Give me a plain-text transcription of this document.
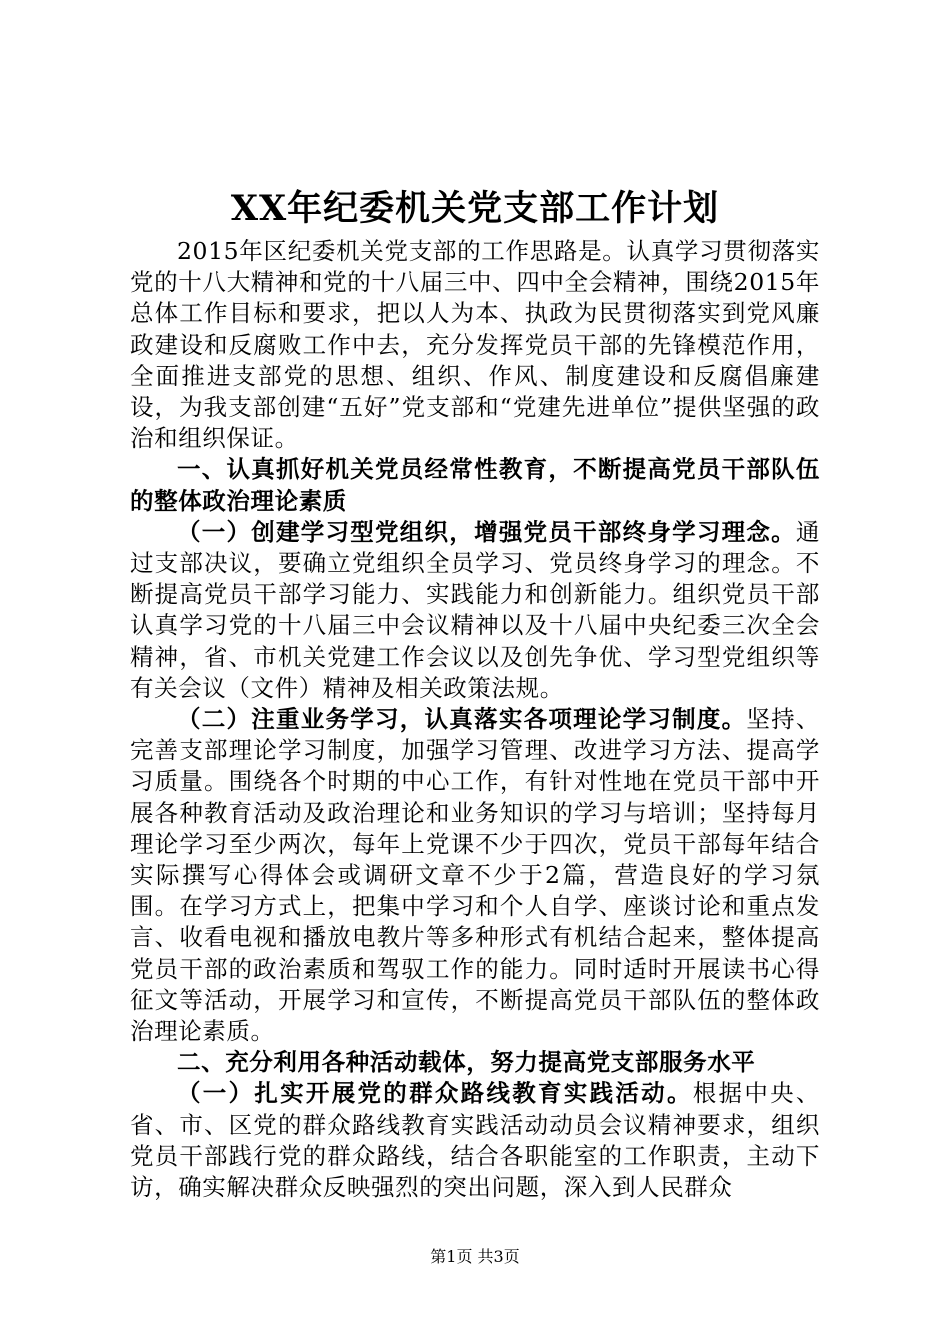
XX年纪委机关党支部工作计划

2015年区纪委机关党支部的工作思路是。认真学习贯彻落实党的十八大精神和党的十八届三中、四中全会精神，围绕2015年总体工作目标和要求，把以人为本、执政为民贯彻落实到党风廉政建设和反腐败工作中去，充分发挥党员干部的先锋模范作用，全面推进支部党的思想、组织、作风、制度建设和反腐倡廉建设，为我支部创建“五好”党支部和“党建先进单位”提供坚强的政治和组织保证。

一、认真抓好机关党员经常性教育，不断提高党员干部队伍的整体政治理论素质

（一）创建学习型党组织，增强党员干部终身学习理念。通过支部决议，要确立党组织全员学习、党员终身学习的理念。不断提高党员干部学习能力、实践能力和创新能力。组织党员干部认真学习党的十八届三中会议精神以及十八届中央纪委三次全会精神，省、市机关党建工作会议以及创先争优、学习型党组织等有关会议（文件）精神及相关政策法规。

（二）注重业务学习，认真落实各项理论学习制度。坚持、完善支部理论学习制度，加强学习管理、改进学习方法、提高学习质量。围绕各个时期的中心工作，有针对性地在党员干部中开展各种教育活动及政治理论和业务知识的学习与培训；坚持每月理论学习至少两次，每年上党课不少于四次，党员干部每年结合实际撰写心得体会或调研文章不少于2篇，营造良好的学习氛围。在学习方式上，把集中学习和个人自学、座谈讨论和重点发言、收看电视和播放电教片等多种形式有机结合起来，整体提高党员干部的政治素质和驾驭工作的能力。同时适时开展读书心得征文等活动，开展学习和宣传，不断提高党员干部队伍的整体政治理论素质。

二、充分利用各种活动载体，努力提高党支部服务水平

（一）扎实开展党的群众路线教育实践活动。根据中央、省、市、区党的群众路线教育实践活动动员会议精神要求，组织党员干部践行党的群众路线，结合各职能室的工作职责，主动下访，确实解决群众反映强烈的突出问题，深入到人民群众

第1页 共3页
